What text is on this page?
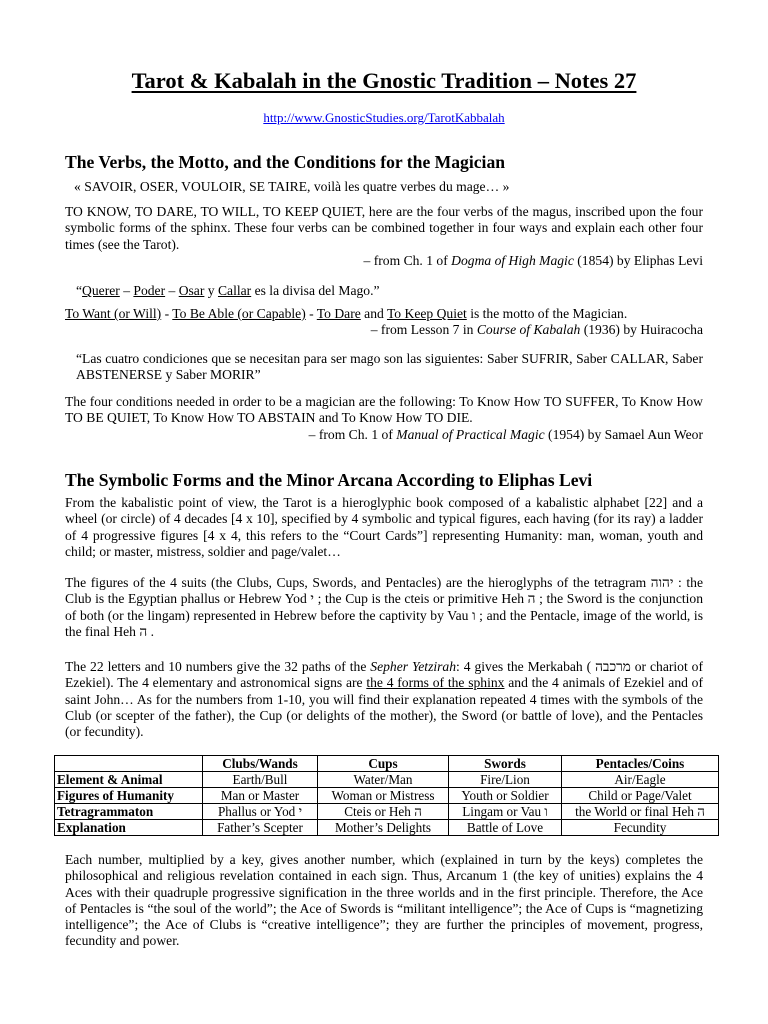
Tarot & Kabalah in the Gnostic Tradition – Notes 27
http://www.GnosticStudies.org/TarotKabbalah
The Verbs, the Motto, and the Conditions for the Magician
« SAVOIR, OSER, VOULOIR, SE TAIRE, voilà les quatre verbes du mage… »

TO KNOW, TO DARE, TO WILL, TO KEEP QUIET, here are the four verbs of the magus, inscribed upon the four symbolic forms of the sphinx. These four verbs can be combined together in four ways and explain each other four times (see the Tarot).

– from Ch. 1 of Dogma of High Magic (1854) by Eliphas Levi
“Querer – Poder – Osar y Callar es la divisa del Mago.”
To Want (or Will) - To Be Able (or Capable) - To Dare and To Keep Quiet is the motto of the Magician.
– from Lesson 7 in Course of Kabalah (1936) by Huiracocha
“Las cuatro condiciones que se necesitan para ser mago son las siguientes: Saber SUFRIR, Saber CALLAR, Saber ABSTENERSE y Saber MORIR”

The four conditions needed in order to be a magician are the following: To Know How TO SUFFER, To Know How TO BE QUIET, To Know How TO ABSTAIN and To Know How TO DIE.

– from Ch. 1 of Manual of Practical Magic (1954) by Samael Aun Weor
The Symbolic Forms and the Minor Arcana According to Eliphas Levi

From the kabalistic point of view, the Tarot is a hieroglyphic book composed of a kabalistic alphabet [22] and a wheel (or circle) of 4 decades [4 x 10], specified by 4 symbolic and typical figures, each having (for its ray) a ladder of 4 progressive figures [4 x 4, this refers to the “Court Cards”] representing Humanity: man, woman, youth and child; or master, mistress, soldier and page/valet…

The figures of the 4 suits (the Clubs, Cups, Swords, and Pentacles) are the hieroglyphs of the tetragram יהוה : the Club is the Egyptian phallus or Hebrew Yod י ; the Cup is the cteis or primitive Heh ה ; the Sword is the conjunction of both (or the lingam) represented in Hebrew before the captivity by Vau ו ; and the Pentacle, image of the world, is the final Heh ה .

The 22 letters and 10 numbers give the 32 paths of the Sepher Yetzirah: 4 gives the Merkabah ( מרכבה or chariot of Ezekiel). The 4 elementary and astronomical signs are the 4 forms of the sphinx and the 4 animals of Ezekiel and of saint John… As for the numbers from 1-10, you will find their explanation repeated 4 times with the symbols of the Club (or scepter of the father), the Cup (or delights of the mother), the Sword (or battle of love), and the Pentacles (or fecundity).

	Clubs/Wands	Cups	Swords	Pentacles/Coins
Element & Animal	Earth/Bull	Water/Man	Fire/Lion	Air/Eagle
Figures of Humanity	Man or Master	Woman or Mistress	Youth or Soldier	Child or Page/Valet
Tetragrammaton	Phallus or Yod י	Cteis or Heh ה	Lingam or Vau ו	the World or final Heh ה
Explanation	Father’s Scepter	Mother’s Delights	Battle of Love	Fecundity

Each number, multiplied by a key, gives another number, which (explained in turn by the keys) completes the philosophical and religious revelation contained in each sign. Thus, Arcanum 1 (the key of unities) explains the 4 Aces with their quadruple progressive signification in the three worlds and in the first principle. Therefore, the Ace of Pentacles is “the soul of the world”; the Ace of Swords is “militant intelligence”; the Ace of Cups is “magnetizing intelligence”; the Ace of Clubs is “creative intelligence”; they are further the principles of movement, progress, fecundity and power.
